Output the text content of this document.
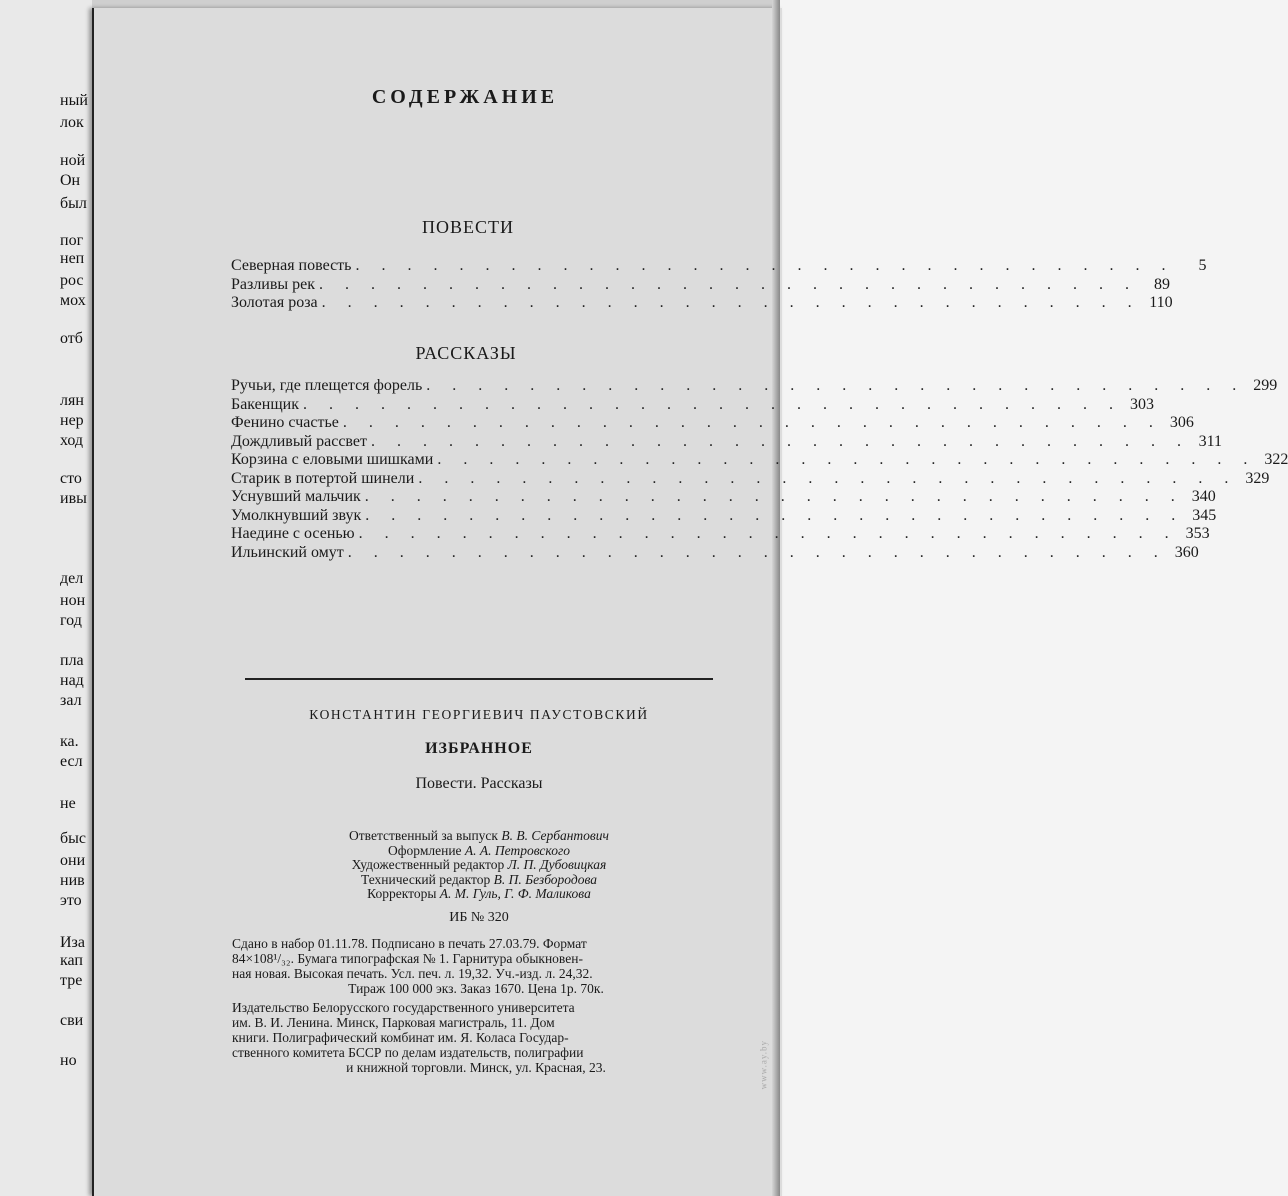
ный
лок
ной
Он
был
пог
неп
рос
мох
отб
лян
нер
ход
сто
ивы
дел
нон
год
пла
над
зал
ка.
есл
не
быс
они
нив
это
Иза
кап
тре
сви
но
СОДЕРЖАНИЕ
ПОВЕСТИ
Северная повесть . . . . . . . . . . . . . . . . . . . . . . . . . . . . . . . .	5
Разливы рек . . . . . . . . . . . . . . . . . . . . . . . . . . . . . . . .	89
Золотая роза . . . . . . . . . . . . . . . . . . . . . . . . . . . . . . . . 110
РАССКАЗЫ
Ручьи, где плещется форель . . . . . . . . . . . . . . . . . . . . . . . . . . . . . . . . 299
Бакенщик . . . . . . . . . . . . . . . . . . . . . . . . . . . . . . . . 303
Фенино счастье . . . . . . . . . . . . . . . . . . . . . . . . . . . . . . . . 306
Дождливый рассвет . . . . . . . . . . . . . . . . . . . . . . . . . . . . . . . . 311
Корзина с еловыми шишками . . . . . . . . . . . . . . . . . . . . . . . . . . . . . . . . 322
Старик в потертой шинели . . . . . . . . . . . . . . . . . . . . . . . . . . . . . . . . 329
Уснувший мальчик . . . . . . . . . . . . . . . . . . . . . . . . . . . . . . . . 340
Умолкнувший звук . . . . . . . . . . . . . . . . . . . . . . . . . . . . . . . . 345
Наедине с осенью . . . . . . . . . . . . . . . . . . . . . . . . . . . . . . . . 353
Ильинский омут . . . . . . . . . . . . . . . . . . . . . . . . . . . . . . . . 360
КОНСТАНТИН ГЕОРГИЕВИЧ ПАУСТОВСКИЙ
ИЗБРАННОЕ
Повести. Рассказы
Ответственный за выпуск В. В. Сербантович
Оформление А. А. Петровского
Художественный редактор Л. П. Дубовицкая
Технический редактор В. П. Безбородова
Корректоры А. М. Гуль, Г. Ф. Маликова
ИБ № 320
Сдано в набор 01.11.78. Подписано в печать 27.03.79. Формат
84×108¹/₃₂. Бумага типографская № 1. Гарнитура обыкновен-
ная новая. Высокая печать. Усл. печ. л. 19,32. Уч.-изд. л. 24,32.
Тираж 100 000 экз. Заказ 1670. Цена 1р. 70к.
Издательство Белорусского государственного университета
им. В. И. Ленина. Минск, Парковая магистраль, 11. Дом
книги. Полиграфический комбинат им. Я. Коласа Государ-
ственного комитета БССР по делам издательств, полиграфии
и книжной торговли. Минск, ул. Красная, 23.	www.ay.by
